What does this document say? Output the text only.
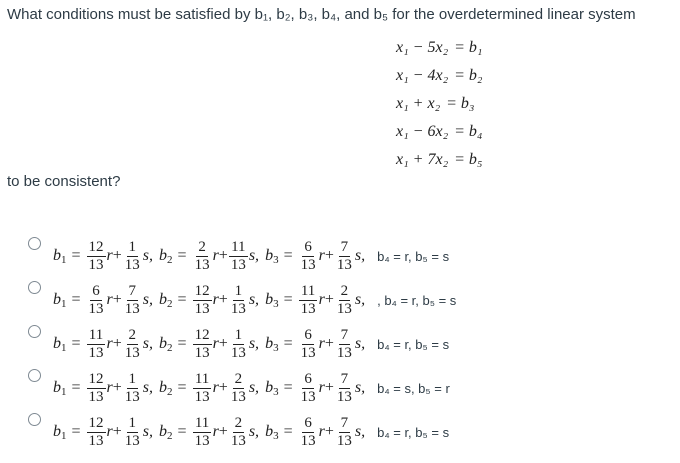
What conditions must be satisfied by b₁, b₂, b₃, b₄, and b₅ for the overdetermined linear system
x₁ − 5x₂ = b₁
x₁ − 4x₂ = b₂
x₁ + x₂ = b₃
x₁ − 6x₂ = b₄
x₁ + 7x₂ = b₅
to be consistent?
$b_1 = \frac{12}{13}$ $r + \frac{1}{13} s$, $b_2 = \frac{2}{13}$ $r + \frac{11}{13} s$, $b_3 = \frac{6}{13}$ $r + \frac{7}{13} s$, b₄ = r, b₅ = s
$b_1 = \frac{6}{13}$ $r + \frac{7}{13} s$, $b_2 = \frac{12}{13}$ $r + \frac{1}{13} s$, $b_3 = \frac{11}{13}$ $r + \frac{2}{13} s$, , b₄ = r, b₅ = s
$b_1 = \frac{11}{13}$ $r + \frac{2}{13} s$, $b_2 = \frac{12}{13}$ $r + \frac{1}{13} s$, $b_3 = \frac{6}{13}$ $r + \frac{7}{13} s$, b₄ = r, b₅ = s
$b_1 = \frac{12}{13}$ $r + \frac{1}{13} s$, $b_2 = \frac{11}{13}$ $r + \frac{2}{13} s$, $b_3 = \frac{6}{13}$ $r + \frac{7}{13} s$, b₄ = s, b₅ = r
$b_1 = \frac{12}{13}$ $r + \frac{1}{13} s$, $b_2 = \frac{11}{13}$ $r + \frac{2}{13} s$, $b_3 = \frac{6}{13}$ $r + \frac{7}{13} s$, b₄ = r, b₅ = s
